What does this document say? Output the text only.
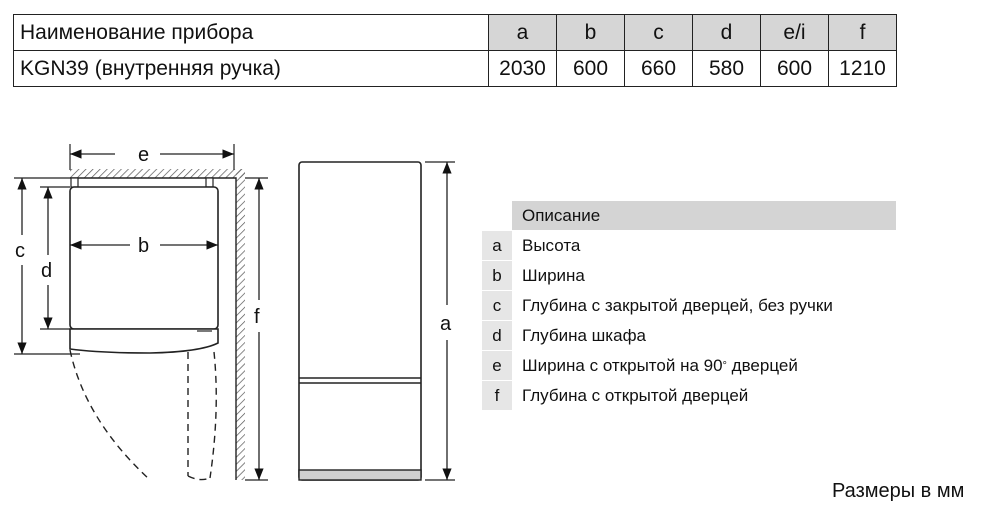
Наименование прибора	a	b	c	d	e/i	f
KGN39 (внутренняя ручка)	2030	600	660	580	600	1210
e
b
c
d
f	a
Описание
a	Высота
b	Ширина
c	Глубина с закрытой дверцей, без ручки
d	Глубина шкафа
e	Ширина с открытой на 90 ° дверцей
f	Глубина с открытой дверцей
Размеры в мм
